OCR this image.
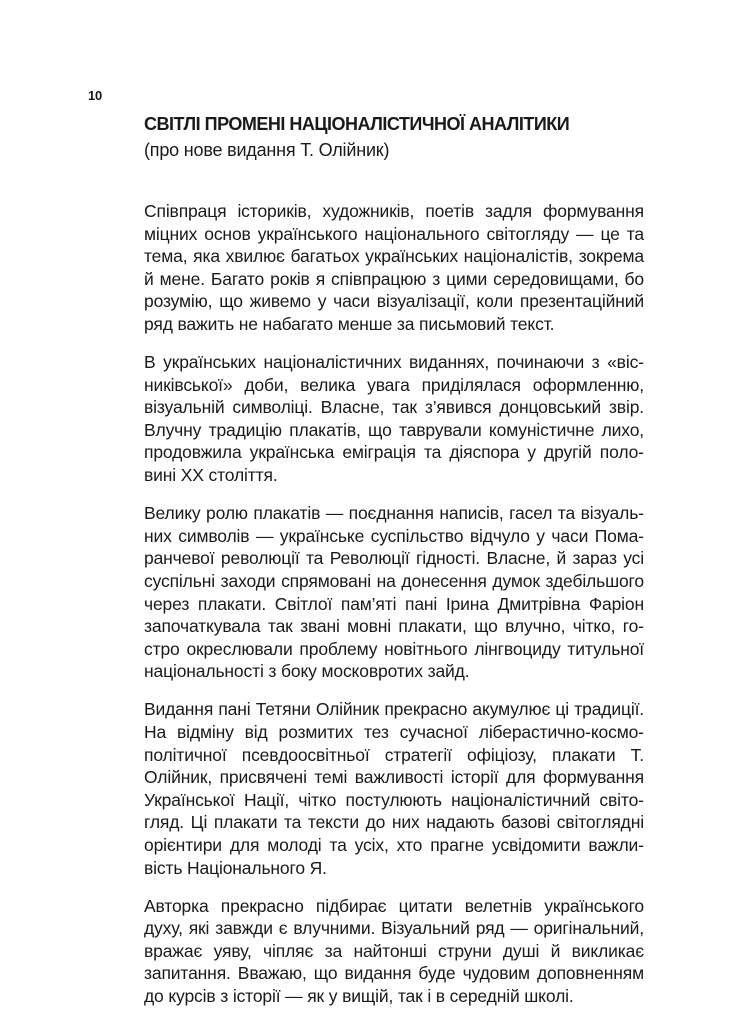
10
СВІТЛІ ПРОМЕНІ НАЦІОНАЛІСТИЧНОЇ АНАЛІТИКИ

(про нове видання Т. Олійник)

Співпраця істориків, художників, поетів задля формування міцних основ українського національного світогляду — це та тема, яка хвилює багатьох українських націоналістів, зокрема й мене. Багато років я співпрацюю з цими середовищами, бо розумію, що живемо у часи візуалізації, коли презентаційний ряд важить не набагато менше за письмовий текст.

В українських націоналістичних виданнях, починаючи з «вісниківської» доби, велика увага приділялася оформленню, візуальній символіці. Власне, так з’явився донцовський звір. Влучну традицію плакатів, що таврували комуністичне лихо, продовжила українська еміграція та діяспора у другій половині XX століття.

Велику ролю плакатів — поєднання написів, гасел та візуальних символів — українське суспільство відчуло у часи Помаранчевої революції та Революції гідності. Власне, й зараз усі суспільні заходи спрямовані на донесення думок здебільшого через плакати. Світлої пам’яті пані Ірина Дмитрівна Фаріон започаткувала так звані мовні плакати, що влучно, чітко, гостро окреслювали проблему новітнього лінгвоциду титульної національності з боку московротих зайд.

Видання пані Тетяни Олійник прекрасно акумулює ці традиції. На відміну від розмитих тез сучасної ліберастично-космополітичної псевдоосвітньої стратегії офіціозу, плакати Т. Олійник, присвячені темі важливості історії для формування Української Нації, чітко постулюють націоналістичний світогляд. Ці плакати та тексти до них надають базові світоглядні орієнтири для молоді та усіх, хто прагне усвідомити важливість Національного Я.

Авторка прекрасно підбирає цитати велетнів українського духу, які завжди є влучними. Візуальний ряд — оригінальний, вражає уяву, чіпляє за найтонші струни душі й викликає запитання. Вважаю, що видання буде чудовим доповненням до курсів з історії — як у вищій, так і в середній школі.
